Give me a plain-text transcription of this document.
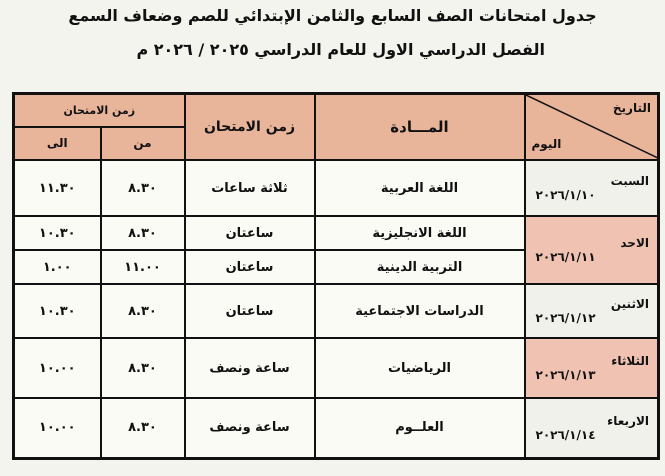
جدول امتحانات الصف السابع والثامن الإبتدائي للصم وضعاف السمع
الفصل الدراسي الاول للعام الدراسي ٢٠٢٥ / ٢٠٢٦ م
التاريخ
اليوم	المـــادة	زمن الامتحان	زمن الامتحان	
			من	الى

السبت
٢٠٢٦/١/١٠	اللغة العربية	ثلاثة ساعات	٨.٣٠	١١.٣٠

الاحد
٢٠٢٦/١/١١	اللغة الانجليزية	ساعتان	٨.٣٠	١٠.٣٠
	التربية الدينية	ساعتان	١١.٠٠	١.٠٠

الاثنين
٢٠٢٦/١/١٢	الدراسات الاجتماعية	ساعتان	٨.٣٠	١٠.٣٠

الثلاثاء
٢٠٢٦/١/١٣	الرياضيات	ساعة ونصف	٨.٣٠	١٠.٠٠

الاربعاء
٢٠٢٦/١/١٤	العلــوم	ساعة ونصف	٨.٣٠	١٠.٠٠
